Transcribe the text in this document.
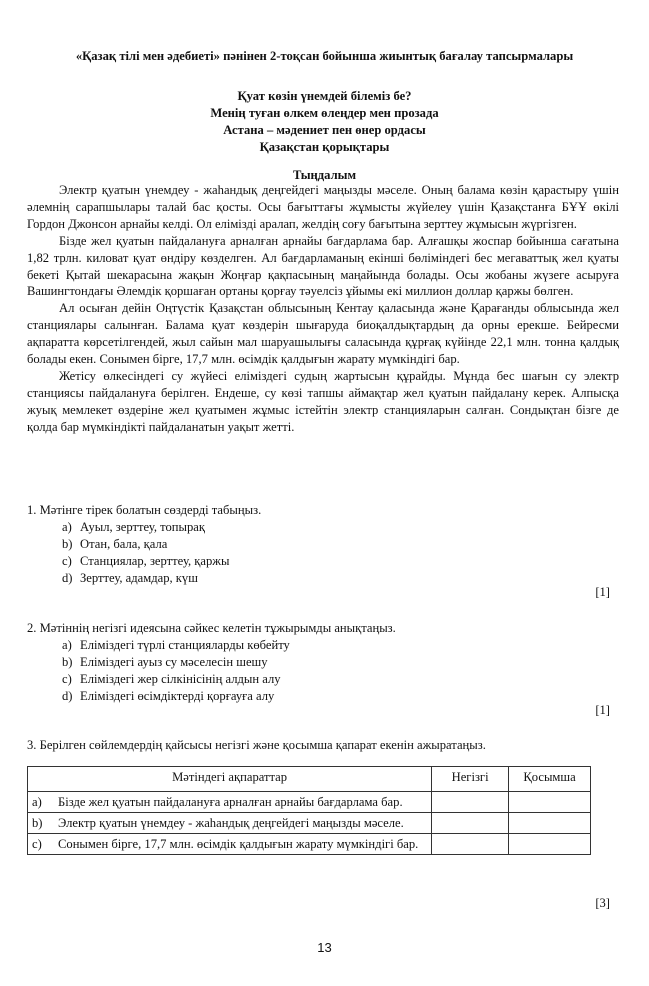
«Қазақ тілі мен әдебиеті» пәнінен 2-тоқсан бойынша жиынтық бағалау тапсырмалары
Қуат көзін үнемдей білеміз бе?
Менің туған өлкем өлеңдер мен прозада
Астана – мәдениет пен өнер ордасы
Қазақстан қорықтары
Тыңдалым

Электр қуатын үнемдеу - жаһандық деңгейдегі маңызды мәселе. Оның балама көзін қарастыру үшін әлемнің сарапшылары талай бас қосты. Осы бағыттағы жұмысты жүйелеу үшін Қазақстанға БҰҰ өкілі Гордон Джонсон арнайы келді. Ол елімізді аралап, желдің соғу бағытына зерттеу жұмысын жүргізген.

Бізде жел қуатын пайдалануға арналған арнайы бағдарлама бар. Алғашқы жоспар бойынша сағатына 1,82 трлн. киловат қуат өндіру көзделген. Ал бағдарламаның екінші бөліміндегі бес мегаваттық жел қуаты бекеті Қытай шекарасына жақын Жоңғар қақпасының маңайында болады. Осы жобаны жүзеге асыруға Вашингтондағы Әлемдік қоршаған ортаны қорғау тәуелсіз ұйымы екі миллион доллар қаржы бөлген.

Ал осыған дейін Оңтүстік Қазақстан облысының Кентау қаласында және Қарағанды облысында жел станциялары салынған. Балама қуат көздерін шығаруда биоқалдықтардың да орны ерекше. Бейресми ақпаратта көрсетілгендей, жыл сайын мал шаруашылығы саласында құрғақ күйінде 22,1 млн. тонна қалдық болады екен. Сонымен бірге, 17,7 млн. өсімдік қалдығын жарату мүмкіндігі бар.

Жетісу өлкесіндегі су жүйесі еліміздегі судың жартысын құрайды. Мұнда бес шағын су электр станциясы пайдалануға берілген. Ендеше, су көзі тапшы аймақтар жел қуатын пайдалану керек. Алпысқа жуық мемлекет өздеріне жел қуатымен жұмыс істейтін электр станцияларын салған. Сондықтан бізге де қолда бар мүмкіндікті пайдаланатын уақыт жетті.

1. Мәтінге тірек болатын сөздерді табыңыз.
a) Ауыл, зерттеу, топырақ
b) Отан, бала, қала
c) Станциялар, зерттеу, қаржы
d) Зерттеу, адамдар, күш
[1]
2. Мәтіннің негізгі идеясына сәйкес келетін тұжырымды анықтаңыз.
a) Еліміздегі түрлі станцияларды көбейту
b) Еліміздегі ауыз су мәселесін шешу
c) Еліміздегі жер сілкінісінің алдын алу
d) Еліміздегі өсімдіктерді қорғауға алу
[1]
3. Берілген сөйлемдердің қайсысы негізгі және қосымша қапарат екенін ажыратаңыз.
Мәтіндегі ақпараттар	Негізгі	Қосымша

a) Бізде жел қуатын пайдалануға арналған арнайы бағдарлама бар.		

b) Электр қуатын үнемдеу - жаһандық деңгейдегі маңызды мәселе.		

c) Сонымен бірге, 17,7 млн. өсімдік қалдығын жарату мүмкіндігі бар.		

[3]
13
